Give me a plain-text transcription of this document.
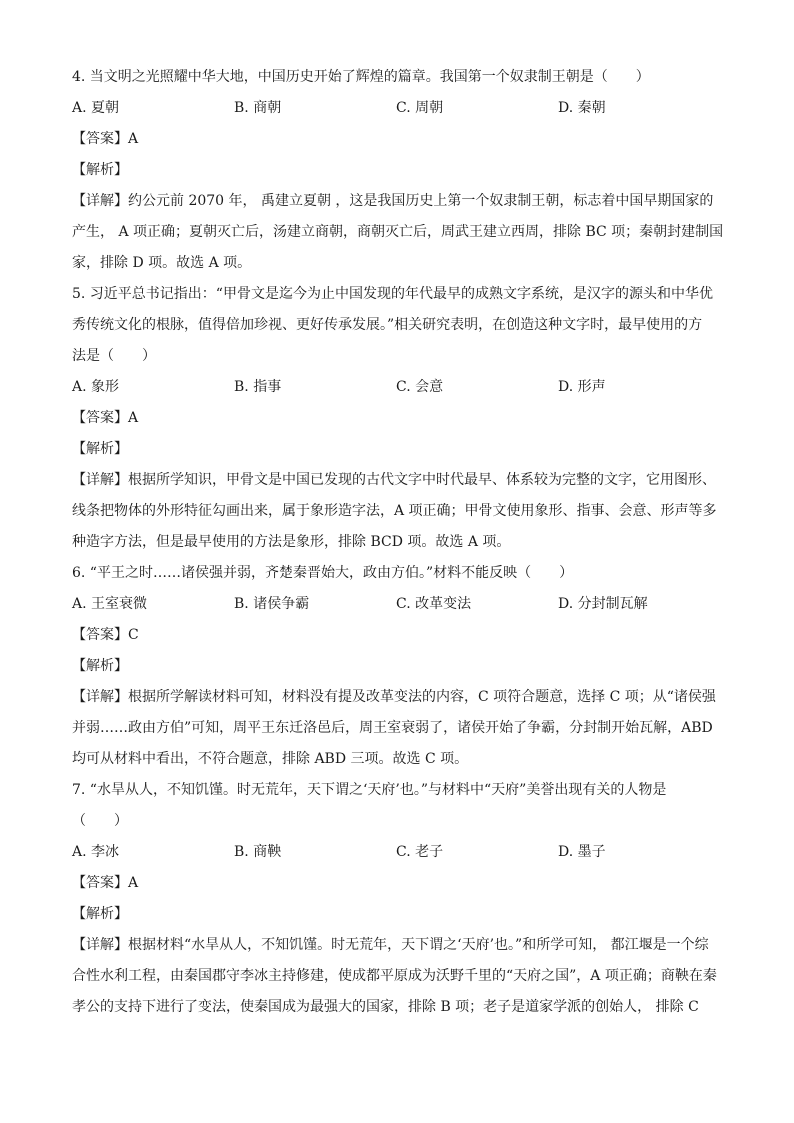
4. 当文明之光照耀中华大地，中国历史开始了辉煌的篇章。我国第一个奴隶制王朝是（　　）
A. 夏朝	B. 商朝	C. 周朝	D. 秦朝
【答案】A
【解析】
【详解】约公元前 2070 年， 禹建立夏朝 ，这是我国历史上第一个奴隶制王朝，标志着中国早期国家的
产生， A 项正确；夏朝灭亡后，汤建立商朝，商朝灭亡后，周武王建立西周，排除 BC 项；秦朝封建制国
家，排除 D 项。故选 A 项。
5. 习近平总书记指出：“甲骨文是迄今为止中国发现的年代最早的成熟文字系统，是汉字的源头和中华优
秀传统文化的根脉，值得倍加珍视、更好传承发展。”相关研究表明，在创造这种文字时，最早使用的方
法是（　　）
A. 象形	B. 指事	C. 会意	D. 形声
【答案】A
【解析】
【详解】根据所学知识，甲骨文是中国已发现的古代文字中时代最早、体系较为完整的文字，它用图形、
线条把物体的外形特征勾画出来，属于象形造字法，A 项正确；甲骨文使用象形、指事、会意、形声等多
种造字方法，但是最早使用的方法是象形，排除 BCD 项。故选 A 项。
6. “平王之时……诸侯强并弱，齐楚秦晋始大，政由方伯。”材料不能反映（　　）
A. 王室衰微	B. 诸侯争霸	C. 改革变法	D. 分封制瓦解
【答案】C
【解析】
【详解】根据所学解读材料可知，材料没有提及改革变法的内容，C 项符合题意，选择 C 项；从“诸侯强
并弱……政由方伯”可知，周平王东迁洛邑后，周王室衰弱了，诸侯开始了争霸，分封制开始瓦解，ABD
均可从材料中看出，不符合题意，排除 ABD 三项。故选 C 项。
7. “水旱从人，不知饥馑。时无荒年，天下谓之‘天府’也。”与材料中“天府”美誉出现有关的人物是
（　　）
A. 李冰	B. 商鞅	C. 老子	D. 墨子
【答案】A
【解析】
【详解】根据材料“水旱从人，不知饥馑。时无荒年，天下谓之‘天府’也。”和所学可知， 都江堰是一个综
合性水利工程，由秦国郡守李冰主持修建，使成都平原成为沃野千里的“天府之国”，A 项正确；商鞅在秦
孝公的支持下进行了变法，使秦国成为最强大的国家，排除 B 项；老子是道家学派的创始人， 排除 C
